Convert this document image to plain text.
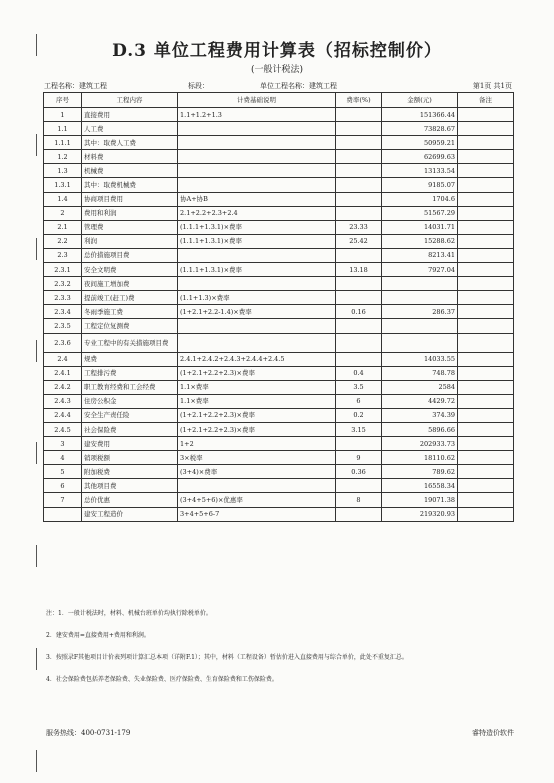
D.3 单位工程费用计算表（招标控制价）
(一般计税法)
工程名称：建筑工程	标段：	单位工程名称：建筑工程	第1页 共1页
序号	工程内容	计费基础说明	费率(%)	金额(元)	备注
1	直接费用	1.1+1.2+1.3		151366.44	
1.1	人工费			73828.67	
1.1.1	其中：取费人工费			50959.21	
1.2	材料费			62699.63	
1.3	机械费			13133.54	
1.3.1	其中：取费机械费			9185.07	
1.4	协商项目费用	协A+协B		1704.6	
2	费用和利润	2.1+2.2+2.3+2.4		51567.29	
2.1	管理费	(1.1.1+1.3.1)×费率	23.33	14031.71	
2.2	利润	(1.1.1+1.3.1)×费率	25.42	15288.62	
2.3	总价措施项目费			8213.41	
2.3.1	安全文明费	(1.1.1+1.3.1)×费率	13.18	7927.04	
2.3.2	夜间施工增加费				
2.3.3	提前竣工(赶工)费	(1.1+1.3)×费率			
2.3.4	冬雨季施工费	(1+2.1+2.2-1.4)×费率	0.16	286.37	
2.3.5	工程定位复测费				
2.3.6	专业工程中的有关措施项目费				
2.4	规费	2.4.1+2.4.2+2.4.3+2.4.4+2.4.5		14033.55	
2.4.1	工程排污费	(1+2.1+2.2+2.3)×费率	0.4	748.78	
2.4.2	职工教育经费和工会经费	1.1×费率	3.5	2584	
2.4.3	住房公积金	1.1×费率	6	4429.72	
2.4.4	安全生产责任险	(1+2.1+2.2+2.3)×费率	0.2	374.39	
2.4.5	社会保险费	(1+2.1+2.2+2.3)×费率	3.15	5896.66	
3	建安费用	1+2		202933.73	
4	销项税额	3×税率	9	18110.62	
5	附加税费	(3+4)×费率	0.36	789.62	
6	其他项目费			16558.34	
7	总价优惠	(3+4+5+6)×优惠率	8	19071.38	
	建安工程造价	3+4+5+6-7		219320.93	
注：1．一般计税法时，材料、机械台班单价均执行除税单价。
2．建安费用=直接费用+费用和利润。
3．按照录F其他项目计价表列项计算汇总本项（详附F.1）；其中，材料（工程设备）暂估价进入直接费用与综合单价，此处不重复汇总。
4．社会保险费包括养老保险费、失业保险费、医疗保险费、生育保险费和工伤保险费。
服务热线：400-0731-179	睿特造价软件
